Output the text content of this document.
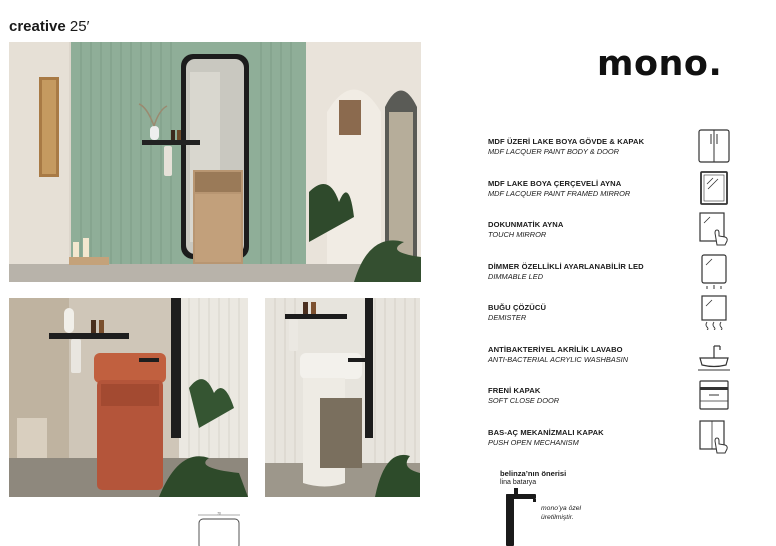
creative 25′
mono.
MDF ÜZERİ LAKE BOYA GÖVDE & KAPAK
MDF LACQUER PAINT BODY & DOOR
MDF LAKE BOYA ÇERÇEVELİ AYNA
MDF LACQUER PAINT FRAMED MIRROR
DOKUNMATİK AYNA
TOUCH MIRROR
DİMMER ÖZELLİKLİ AYARLANABİLİR LED
DIMMABLE LED
BUĞU ÇÖZÜCÜ
DEMISTER
ANTİBAKTERİYEL AKRİLİK LAVABO
ANTI-BACTERIAL ACRYLIC WASHBASIN
FRENİ KAPAK
SOFT CLOSE DOOR
BAS-AÇ MEKANİZMALI KAPAK
PUSH OPEN MECHANISM
belinza’nın önerisi
lina batarya
mono’ya özel üretilmiştir.
70
